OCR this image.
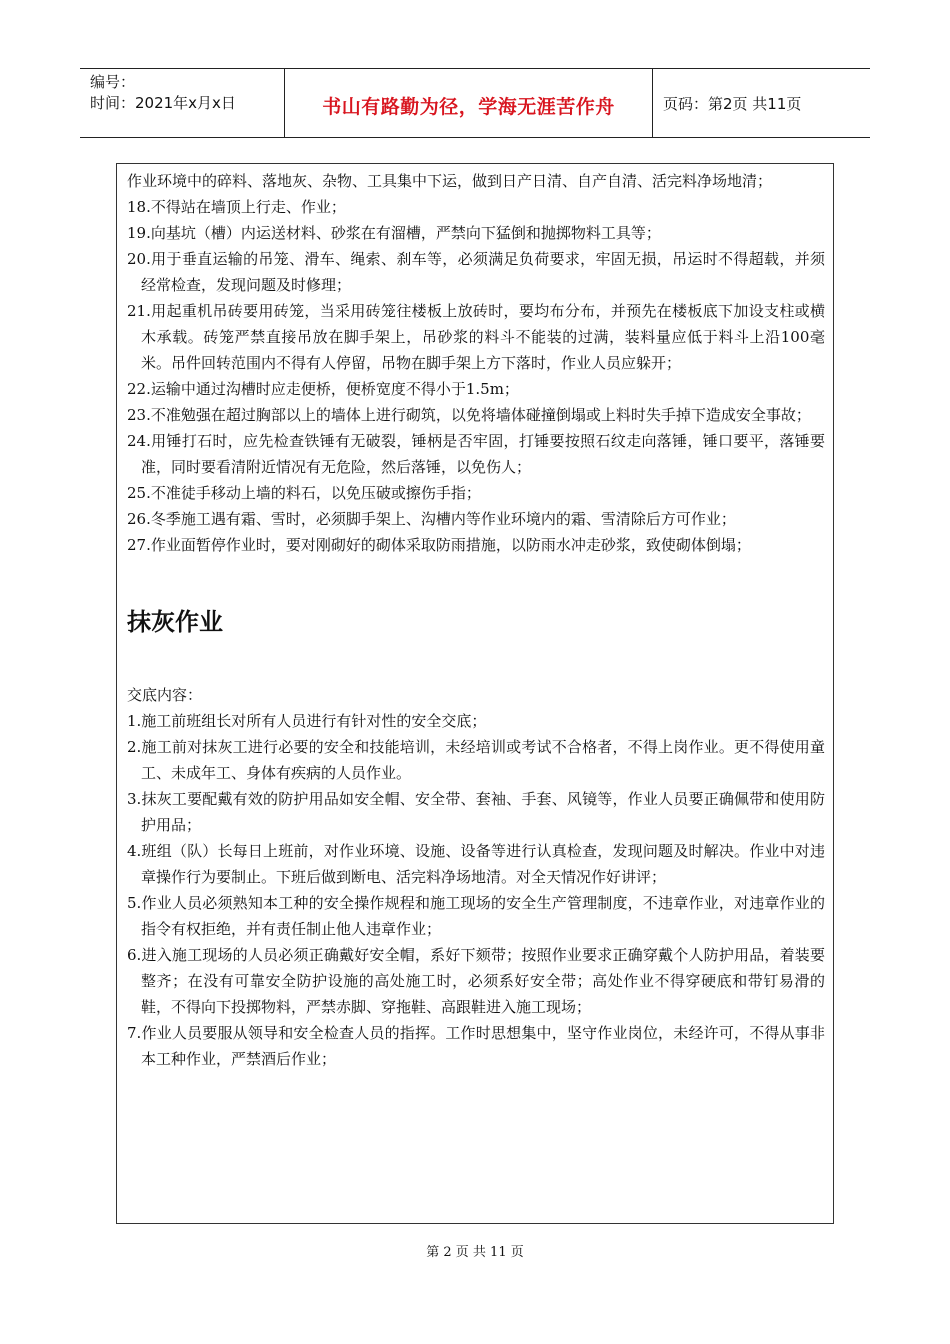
编号：
时间：2021年x月x日	书山有路勤为径，学海无涯苦作舟	页码：第2页 共11页

作业环境中的碎料、落地灰、杂物、工具集中下运，做到日产日清、自产自清、活完料净场地清；

18.不得站在墙顶上行走、作业；

19.向基坑（槽）内运送材料、砂浆在有溜槽，严禁向下猛倒和抛掷物料工具等；

20.用于垂直运输的吊笼、滑车、绳索、刹车等，必须满足负荷要求，牢固无损，吊运时不得超载，并须经常检查，发现问题及时修理；

21.用起重机吊砖要用砖笼，当采用砖笼往楼板上放砖时，要均布分布，并预先在楼板底下加设支柱或横木承载。砖笼严禁直接吊放在脚手架上，吊砂浆的料斗不能装的过满，装料量应低于料斗上沿100毫米。吊件回转范围内不得有人停留，吊物在脚手架上方下落时，作业人员应躲开；

22.运输中通过沟槽时应走便桥，便桥宽度不得小于1.5m；

23.不准勉强在超过胸部以上的墙体上进行砌筑，以免将墙体碰撞倒塌或上料时失手掉下造成安全事故；

24.用锤打石时，应先检查铁锤有无破裂，锤柄是否牢固，打锤要按照石纹走向落锤，锤口要平，落锤要准，同时要看清附近情况有无危险，然后落锤，以免伤人；

25.不准徒手移动上墙的料石，以免压破或擦伤手指；

26.冬季施工遇有霜、雪时，必须脚手架上、沟槽内等作业环境内的霜、雪清除后方可作业；

27.作业面暂停作业时，要对刚砌好的砌体采取防雨措施，以防雨水冲走砂浆，致使砌体倒塌；

抹灰作业

交底内容：

1.施工前班组长对所有人员进行有针对性的安全交底；

2.施工前对抹灰工进行必要的安全和技能培训，未经培训或考试不合格者，不得上岗作业。更不得使用童工、未成年工、身体有疾病的人员作业。

3.抹灰工要配戴有效的防护用品如安全帽、安全带、套袖、手套、风镜等，作业人员要正确佩带和使用防护用品；

4.班组（队）长每日上班前，对作业环境、设施、设备等进行认真检查，发现问题及时解决。作业中对违章操作行为要制止。下班后做到断电、活完料净场地清。对全天情况作好讲评；

5.作业人员必须熟知本工种的安全操作规程和施工现场的安全生产管理制度，不违章作业，对违章作业的指令有权拒绝，并有责任制止他人违章作业；

6.进入施工现场的人员必须正确戴好安全帽，系好下颏带；按照作业要求正确穿戴个人防护用品，着装要整齐；在没有可靠安全防护设施的高处施工时，必须系好安全带；高处作业不得穿硬底和带钉易滑的鞋，不得向下投掷物料，严禁赤脚、穿拖鞋、高跟鞋进入施工现场；

7.作业人员要服从领导和安全检查人员的指挥。工作时思想集中，坚守作业岗位，未经许可，不得从事非本工种作业，严禁酒后作业；

第 2 页 共 11 页
